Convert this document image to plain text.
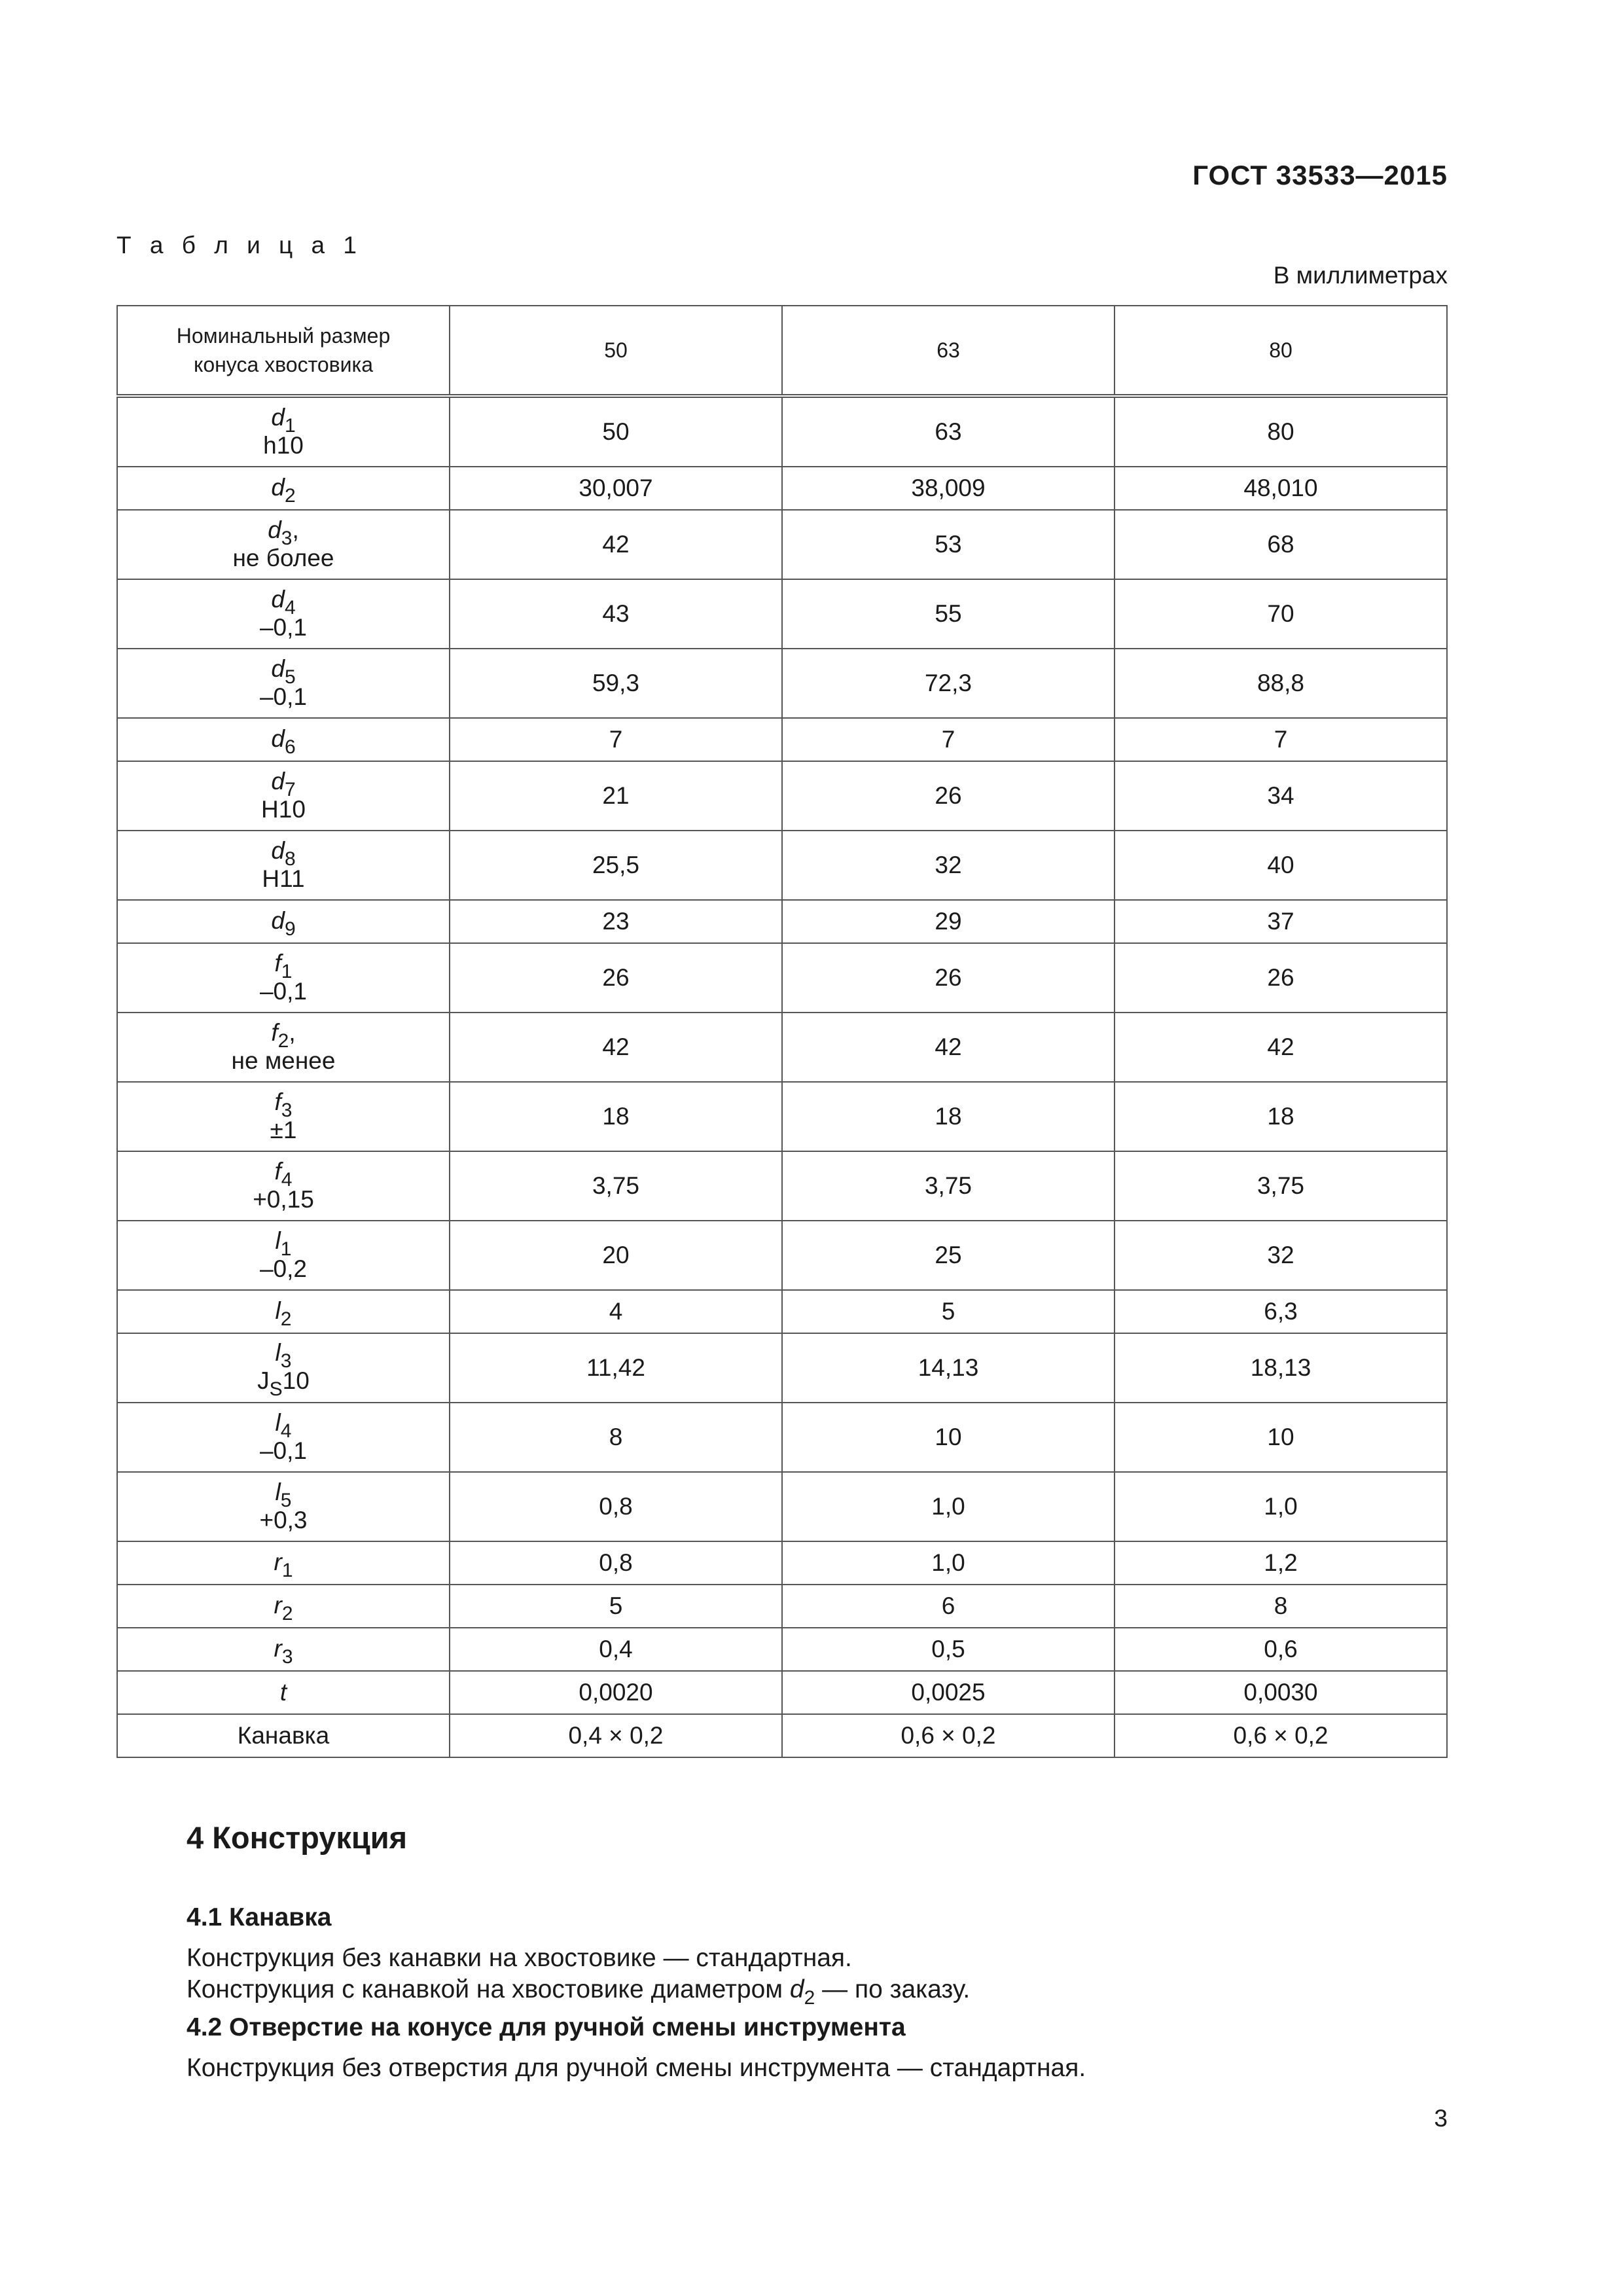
ГОСТ 33533—2015
Т а б л и ц а 1
В миллиметрах
Номинальный размер
конуса хвостовика	50	63	80

$d_1$
h10	50	63	80

$d_2$	30,007	38,009	48,010

$d_3$,
не более	42	53	68

$d_4$
–0,1	43	55	70

$d_5$
–0,1	59,3	72,3	88,8

$d_6$	7	7	7

$d_7$
H10	21	26	34

$d_8$
H11	25,5	32	40

$d_9$	23	29	37

$f_1$
–0,1	26	26	26

$f_2$,
не менее	42	42	42

$f_3$
±1	18	18	18

$f_4$
+0,15	3,75	3,75	3,75

$l_1$
–0,2	20	25	32

$l_2$	4	5	6,3

$l_3$
$J_S10$	11,42	14,13	18,13

$l_4$
–0,1	8	10	10

$l_5$
+0,3	0,8	1,0	1,0

$r_1$	0,8	1,0	1,2

$r_2$	5	6	8

$r_3$	0,4	0,5	0,6

t	0,0020	0,0025	0,0030
Канавка	0,4 × 0,2	0,6 × 0,2	0,6 × 0,2
4 Конструкция
4.1 Канавка
Конструкция без канавки на хвостовике — стандартная.
Конструкция с канавкой на хвостовике диаметром $d_2$ — по заказу.
4.2 Отверстие на конусе для ручной смены инструмента
Конструкция без отверстия для ручной смены инструмента — стандартная.
3
